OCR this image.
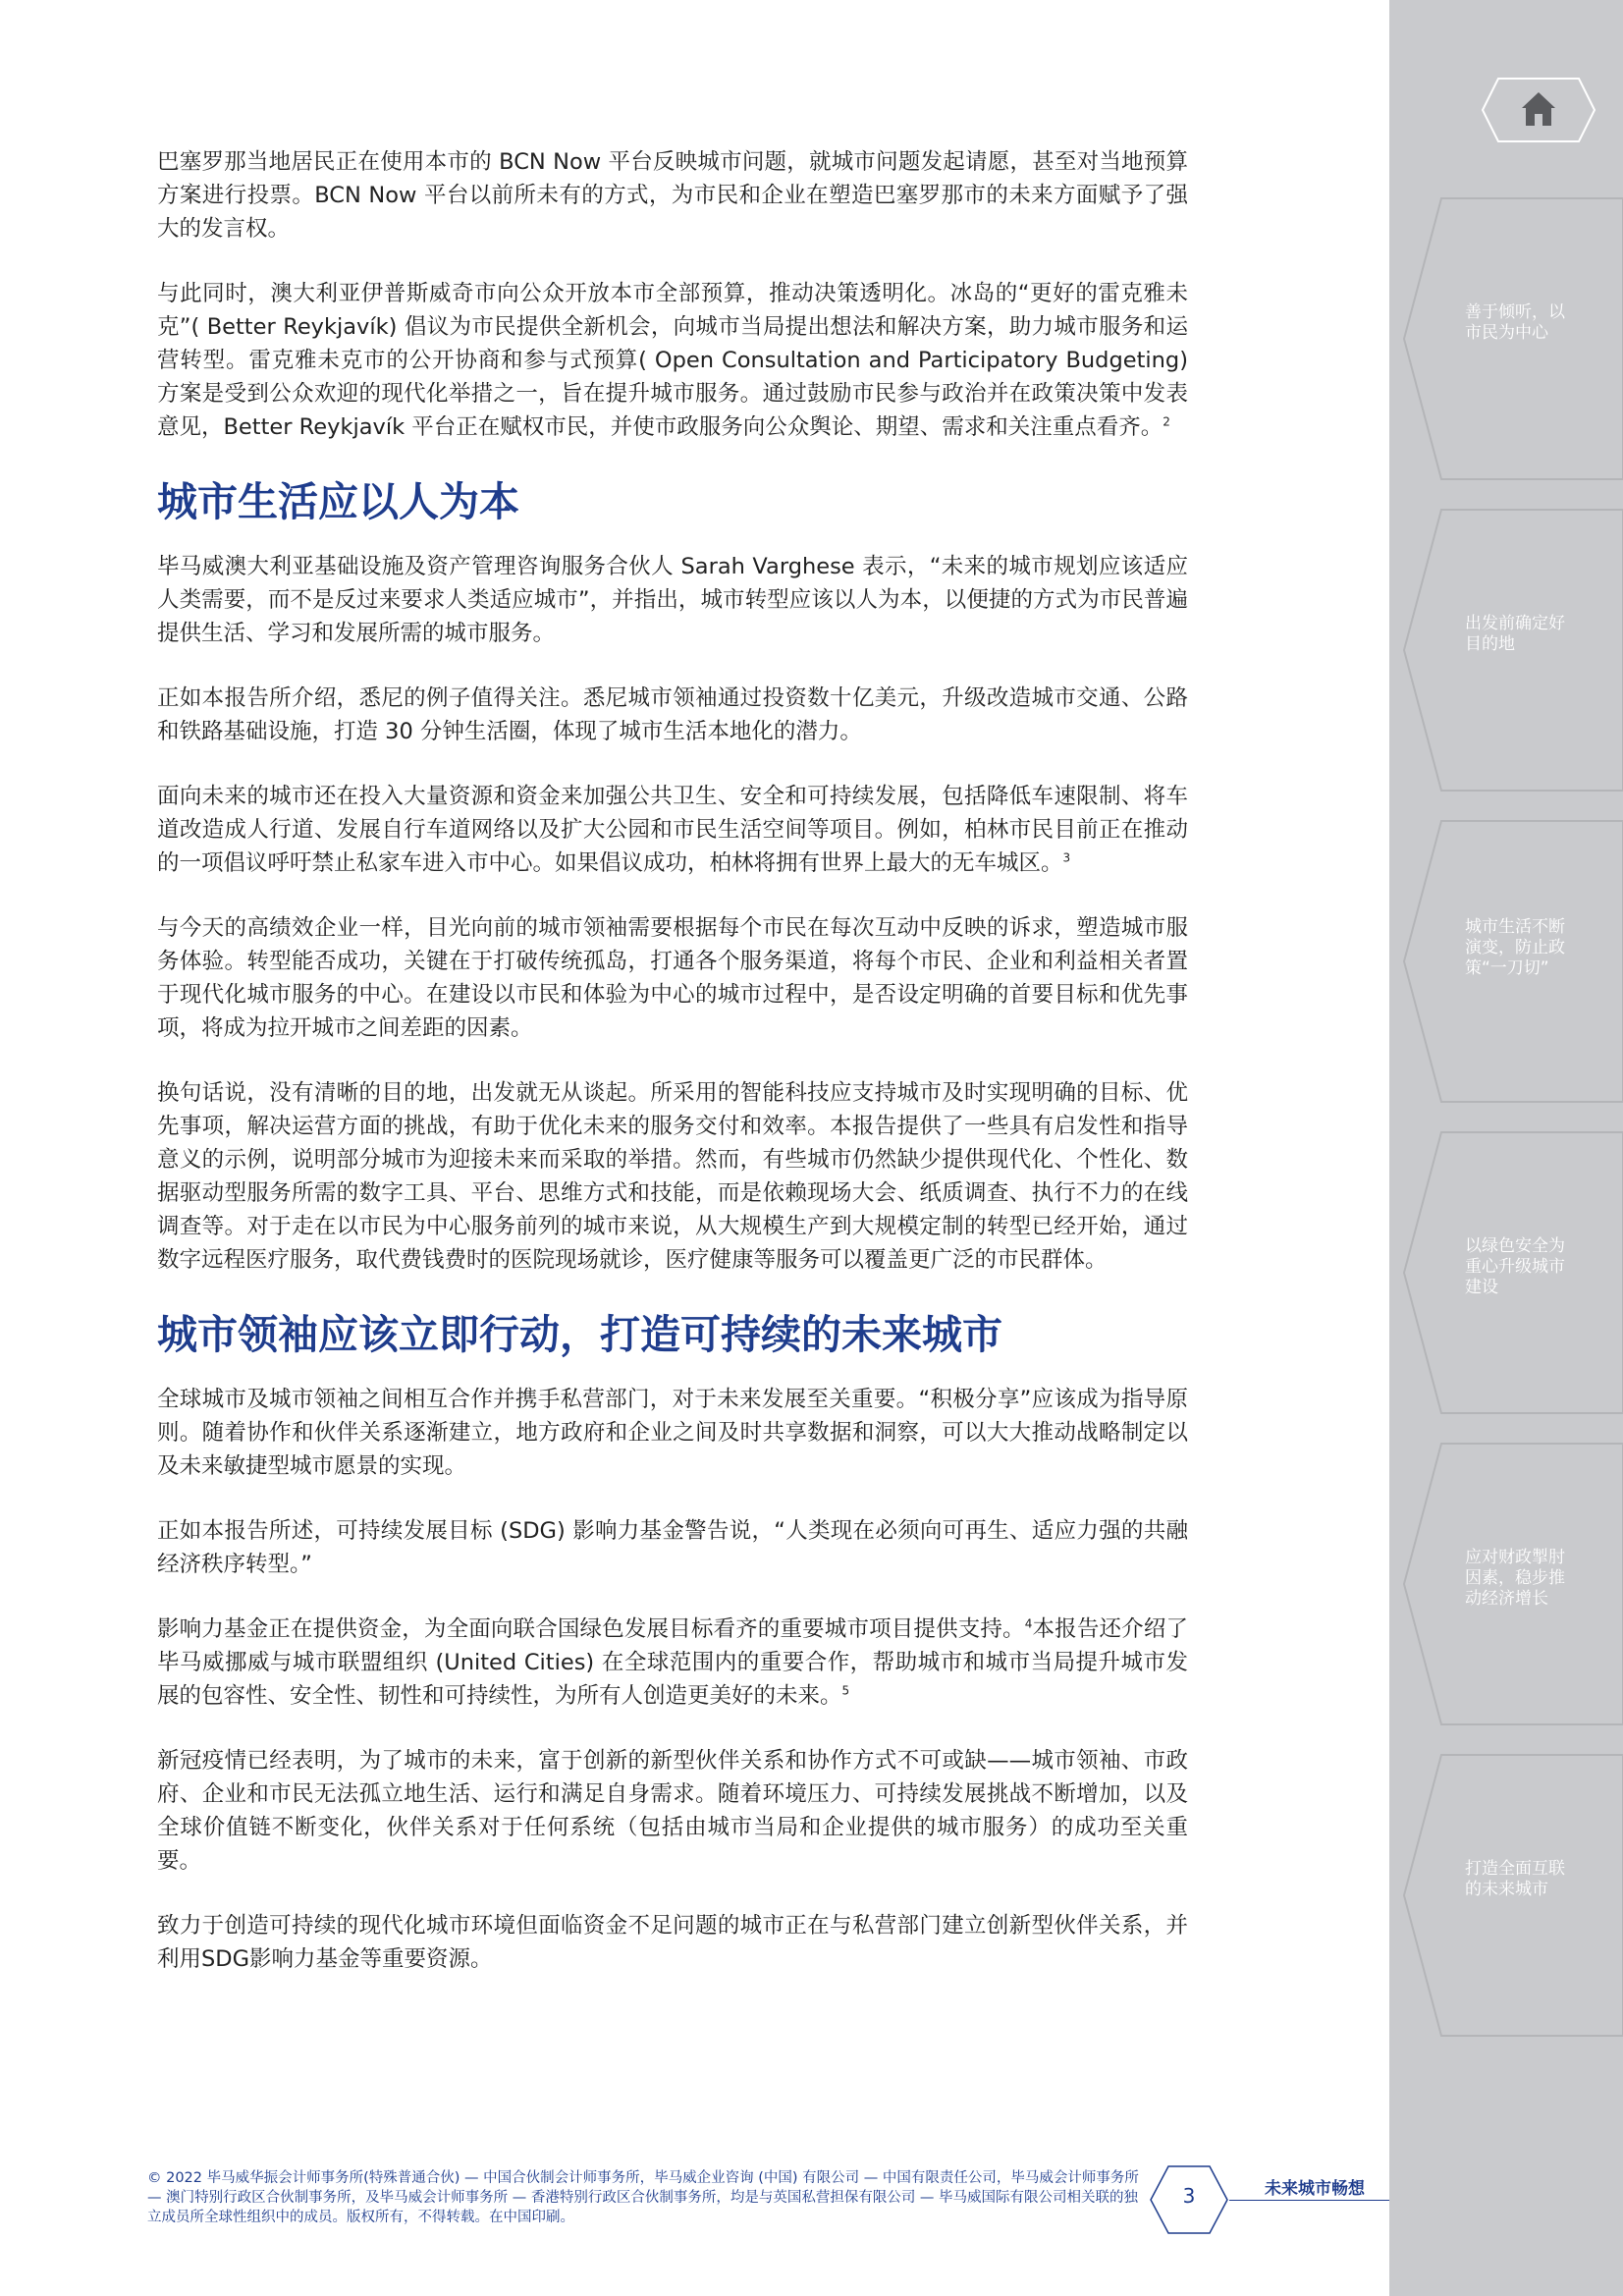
巴塞罗那当地居民正在使用本市的 BCN Now 平台反映城市问题，就城市问题发起请愿，甚至对当地预算方案进行投票。BCN Now 平台以前所未有的方式，为市民和企业在塑造巴塞罗那市的未来方面赋予了强大的发言权。

与此同时，澳大利亚伊普斯威奇市向公众开放本市全部预算，推动决策透明化。冰岛的“更好的雷克雅未克”( Better Reykjavík) 倡议为市民提供全新机会，向城市当局提出想法和解决方案，助力城市服务和运营转型。雷克雅未克市的公开协商和参与式预算( Open Consultation and Participatory Budgeting) 方案是受到公众欢迎的现代化举措之一，旨在提升城市服务。通过鼓励市民参与政治并在政策决策中发表意见，Better Reykjavík 平台正在赋权市民，并使市政服务向公众舆论、期望、需求和关注重点看齐。$^2$

城市生活应以人为本

毕马威澳大利亚基础设施及资产管理咨询服务合伙人 Sarah Varghese 表示，“未来的城市规划应该适应人类需要，而不是反过来要求人类适应城市”，并指出，城市转型应该以人为本，以便捷的方式为市民普遍提供生活、学习和发展所需的城市服务。

正如本报告所介绍，悉尼的例子值得关注。悉尼城市领袖通过投资数十亿美元，升级改造城市交通、公路和铁路基础设施，打造 30 分钟生活圈，体现了城市生活本地化的潜力。

面向未来的城市还在投入大量资源和资金来加强公共卫生、安全和可持续发展，包括降低车速限制、将车道改造成人行道、发展自行车道网络以及扩大公园和市民生活空间等项目。例如，柏林市民目前正在推动的一项倡议呼吁禁止私家车进入市中心。如果倡议成功，柏林将拥有世界上最大的无车城区。$^3$

与今天的高绩效企业一样，目光向前的城市领袖需要根据每个市民在每次互动中反映的诉求，塑造城市服务体验。转型能否成功，关键在于打破传统孤岛，打通各个服务渠道，将每个市民、企业和利益相关者置于现代化城市服务的中心。在建设以市民和体验为中心的城市过程中，是否设定明确的首要目标和优先事项，将成为拉开城市之间差距的因素。

换句话说，没有清晰的目的地，出发就无从谈起。所采用的智能科技应支持城市及时实现明确的目标、优先事项，解决运营方面的挑战，有助于优化未来的服务交付和效率。本报告提供了一些具有启发性和指导意义的示例，说明部分城市为迎接未来而采取的举措。然而，有些城市仍然缺少提供现代化、个性化、数据驱动型服务所需的数字工具、平台、思维方式和技能，而是依赖现场大会、纸质调查、执行不力的在线调查等。对于走在以市民为中心服务前列的城市来说，从大规模生产到大规模定制的转型已经开始，通过数字远程医疗服务，取代费钱费时的医院现场就诊，医疗健康等服务可以覆盖更广泛的市民群体。

城市领袖应该立即行动，打造可持续的未来城市

全球城市及城市领袖之间相互合作并携手私营部门，对于未来发展至关重要。“积极分享”应该成为指导原则。随着协作和伙伴关系逐渐建立，地方政府和企业之间及时共享数据和洞察，可以大大推动战略制定以及未来敏捷型城市愿景的实现。

正如本报告所述，可持续发展目标 (SDG) 影响力基金警告说，“人类现在必须向可再生、适应力强的共融经济秩序转型。”

影响力基金正在提供资金，为全面向联合国绿色发展目标看齐的重要城市项目提供支持。$^4$本报告还介绍了毕马威挪威与城市联盟组织 (United Cities) 在全球范围内的重要合作，帮助城市和城市当局提升城市发展的包容性、安全性、韧性和可持续性，为所有人创造更美好的未来。$^5$

新冠疫情已经表明，为了城市的未来，富于创新的新型伙伴关系和协作方式不可或缺——城市领袖、市政府、企业和市民无法孤立地生活、运行和满足自身需求。随着环境压力、可持续发展挑战不断增加，以及全球价值链不断变化，伙伴关系对于任何系统（包括由城市当局和企业提供的城市服务）的成功至关重要。

致力于创造可持续的现代化城市环境但面临资金不足问题的城市正在与私营部门建立创新型伙伴关系，并利用SDG影响力基金等重要资源。

善于倾听，以市民为中心
出发前确定好目的地
城市生活不断演变，防止政策“一刀切”
以绿色安全为重心升级城市建设
应对财政掣肘因素，稳步推动经济增长
打造全面互联的未来城市
© 2022 毕马威华振会计师事务所(特殊普通合伙) — 中国合伙制会计师事务所，毕马威企业咨询 (中国) 有限公司 — 中国有限责任公司，毕马威会计师事务所 — 澳门特别行政区合伙制事务所，及毕马威会计师事务所 — 香港特别行政区合伙制事务所，均是与英国私营担保有限公司 — 毕马威国际有限公司相关联的独立成员所全球性组织中的成员。版权所有，不得转载。在中国印刷。
3	未来城市畅想
